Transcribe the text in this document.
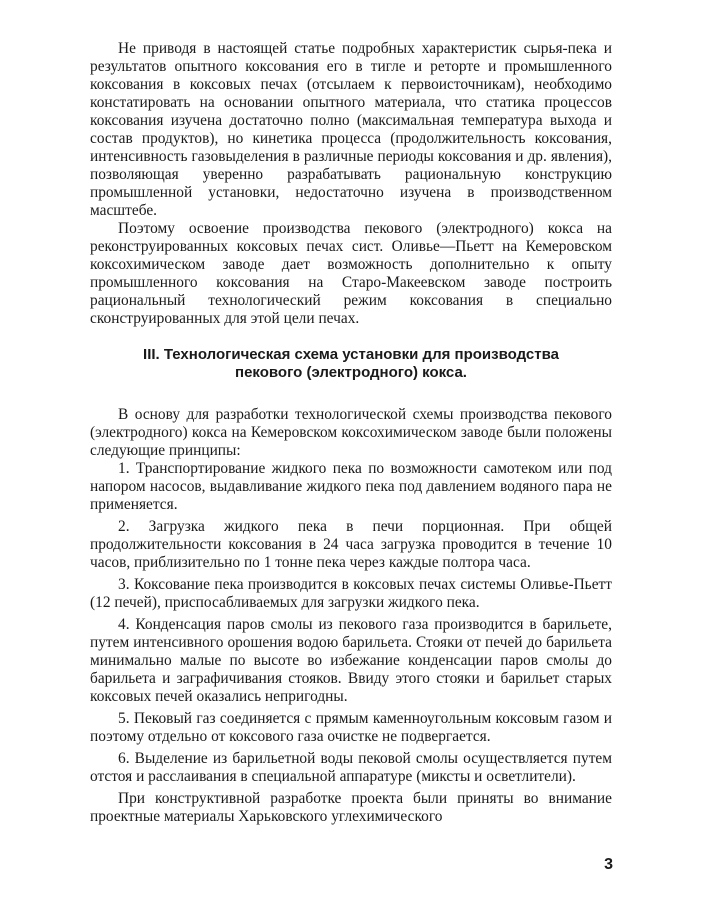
Не приводя в настоящей статье подробных характеристик сырья-пека и результатов опытного коксования его в тигле и реторте и промышленного коксования в коксовых печах (отсылаем к первоисточникам), необходимо констатировать на основании опытного материала, что статика процессов коксования изучена достаточно полно (максимальная температура выхода и состав продуктов), но кинетика процесса (продолжительность коксования, интенсивность газовыделения в различные периоды коксования и др. явления), позволяющая уверенно разрабатывать рациональную конструкцию промышленной установки, недостаточно изучена в производственном масштебе.

Поэтому освоение производства пекового (электродного) кокса на реконструированных коксовых печах сист. Оливье—Пьетт на Кемеровском коксохимическом заводе дает возможность дополнительно к опыту промышленного коксования на Старо-Макеевском заводе построить рациональный технологический режим коксования в специально сконструированных для этой цели печах.

III. Технологическая схема установки для производства пекового (электродного) кокса.

В основу для разработки технологической схемы производства пекового (электродного) кокса на Кемеровском коксохимическом заводе были положены следующие принципы:

1. Транспортирование жидкого пека по возможности самотеком или под напором насосов, выдавливание жидкого пека под давлением водяного пара не применяется.

2. Загрузка жидкого пека в печи порционная. При общей продолжительности коксования в 24 часа загрузка проводится в течение 10 часов, приблизительно по 1 тонне пека через каждые полтора часа.

3. Коксование пека производится в коксовых печах системы Оливье-Пьетт (12 печей), приспосабливаемых для загрузки жидкого пека.

4. Конденсация паров смолы из пекового газа производится в барильете, путем интенсивного орошения водою барильета. Стояки от печей до барильета минимально малые по высоте во избежание конденсации паров смолы до барильета и заграфичивания стояков. Ввиду этого стояки и барильет старых коксовых печей оказались непригодны.

5. Пековый газ соединяется с прямым каменноугольным коксовым газом и поэтому отдельно от коксового газа очистке не подвергается.

6. Выделение из барильетной воды пековой смолы осуществляется путем отстоя и расслаивания в специальной аппаратуре (миксты и осветлители).

При конструктивной разработке проекта были приняты во внимание проектные материалы Харьковского углехимического

3
